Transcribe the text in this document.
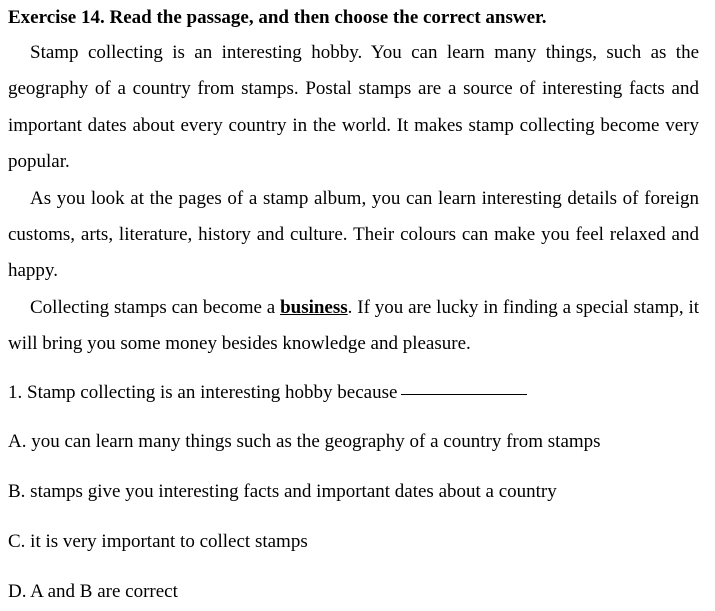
Exercise 14. Read the passage, and then choose the correct answer.

Stamp collecting is an interesting hobby. You can learn many things, such as the geography of a country from stamps. Postal stamps are a source of interesting facts and important dates about every country in the world. It makes stamp collecting become very popular.

As you look at the pages of a stamp album, you can learn interesting details of foreign customs, arts, literature, history and culture. Their colours can make you feel relaxed and happy.

Collecting stamps can become a business. If you are lucky in finding a special stamp, it will bring you some money besides knowledge and pleasure.

1. Stamp collecting is an interesting hobby because
A. you can learn many things such as the geography of a country from stamps
B. stamps give you interesting facts and important dates about a country
C. it is very important to collect stamps
D. A and B are correct
